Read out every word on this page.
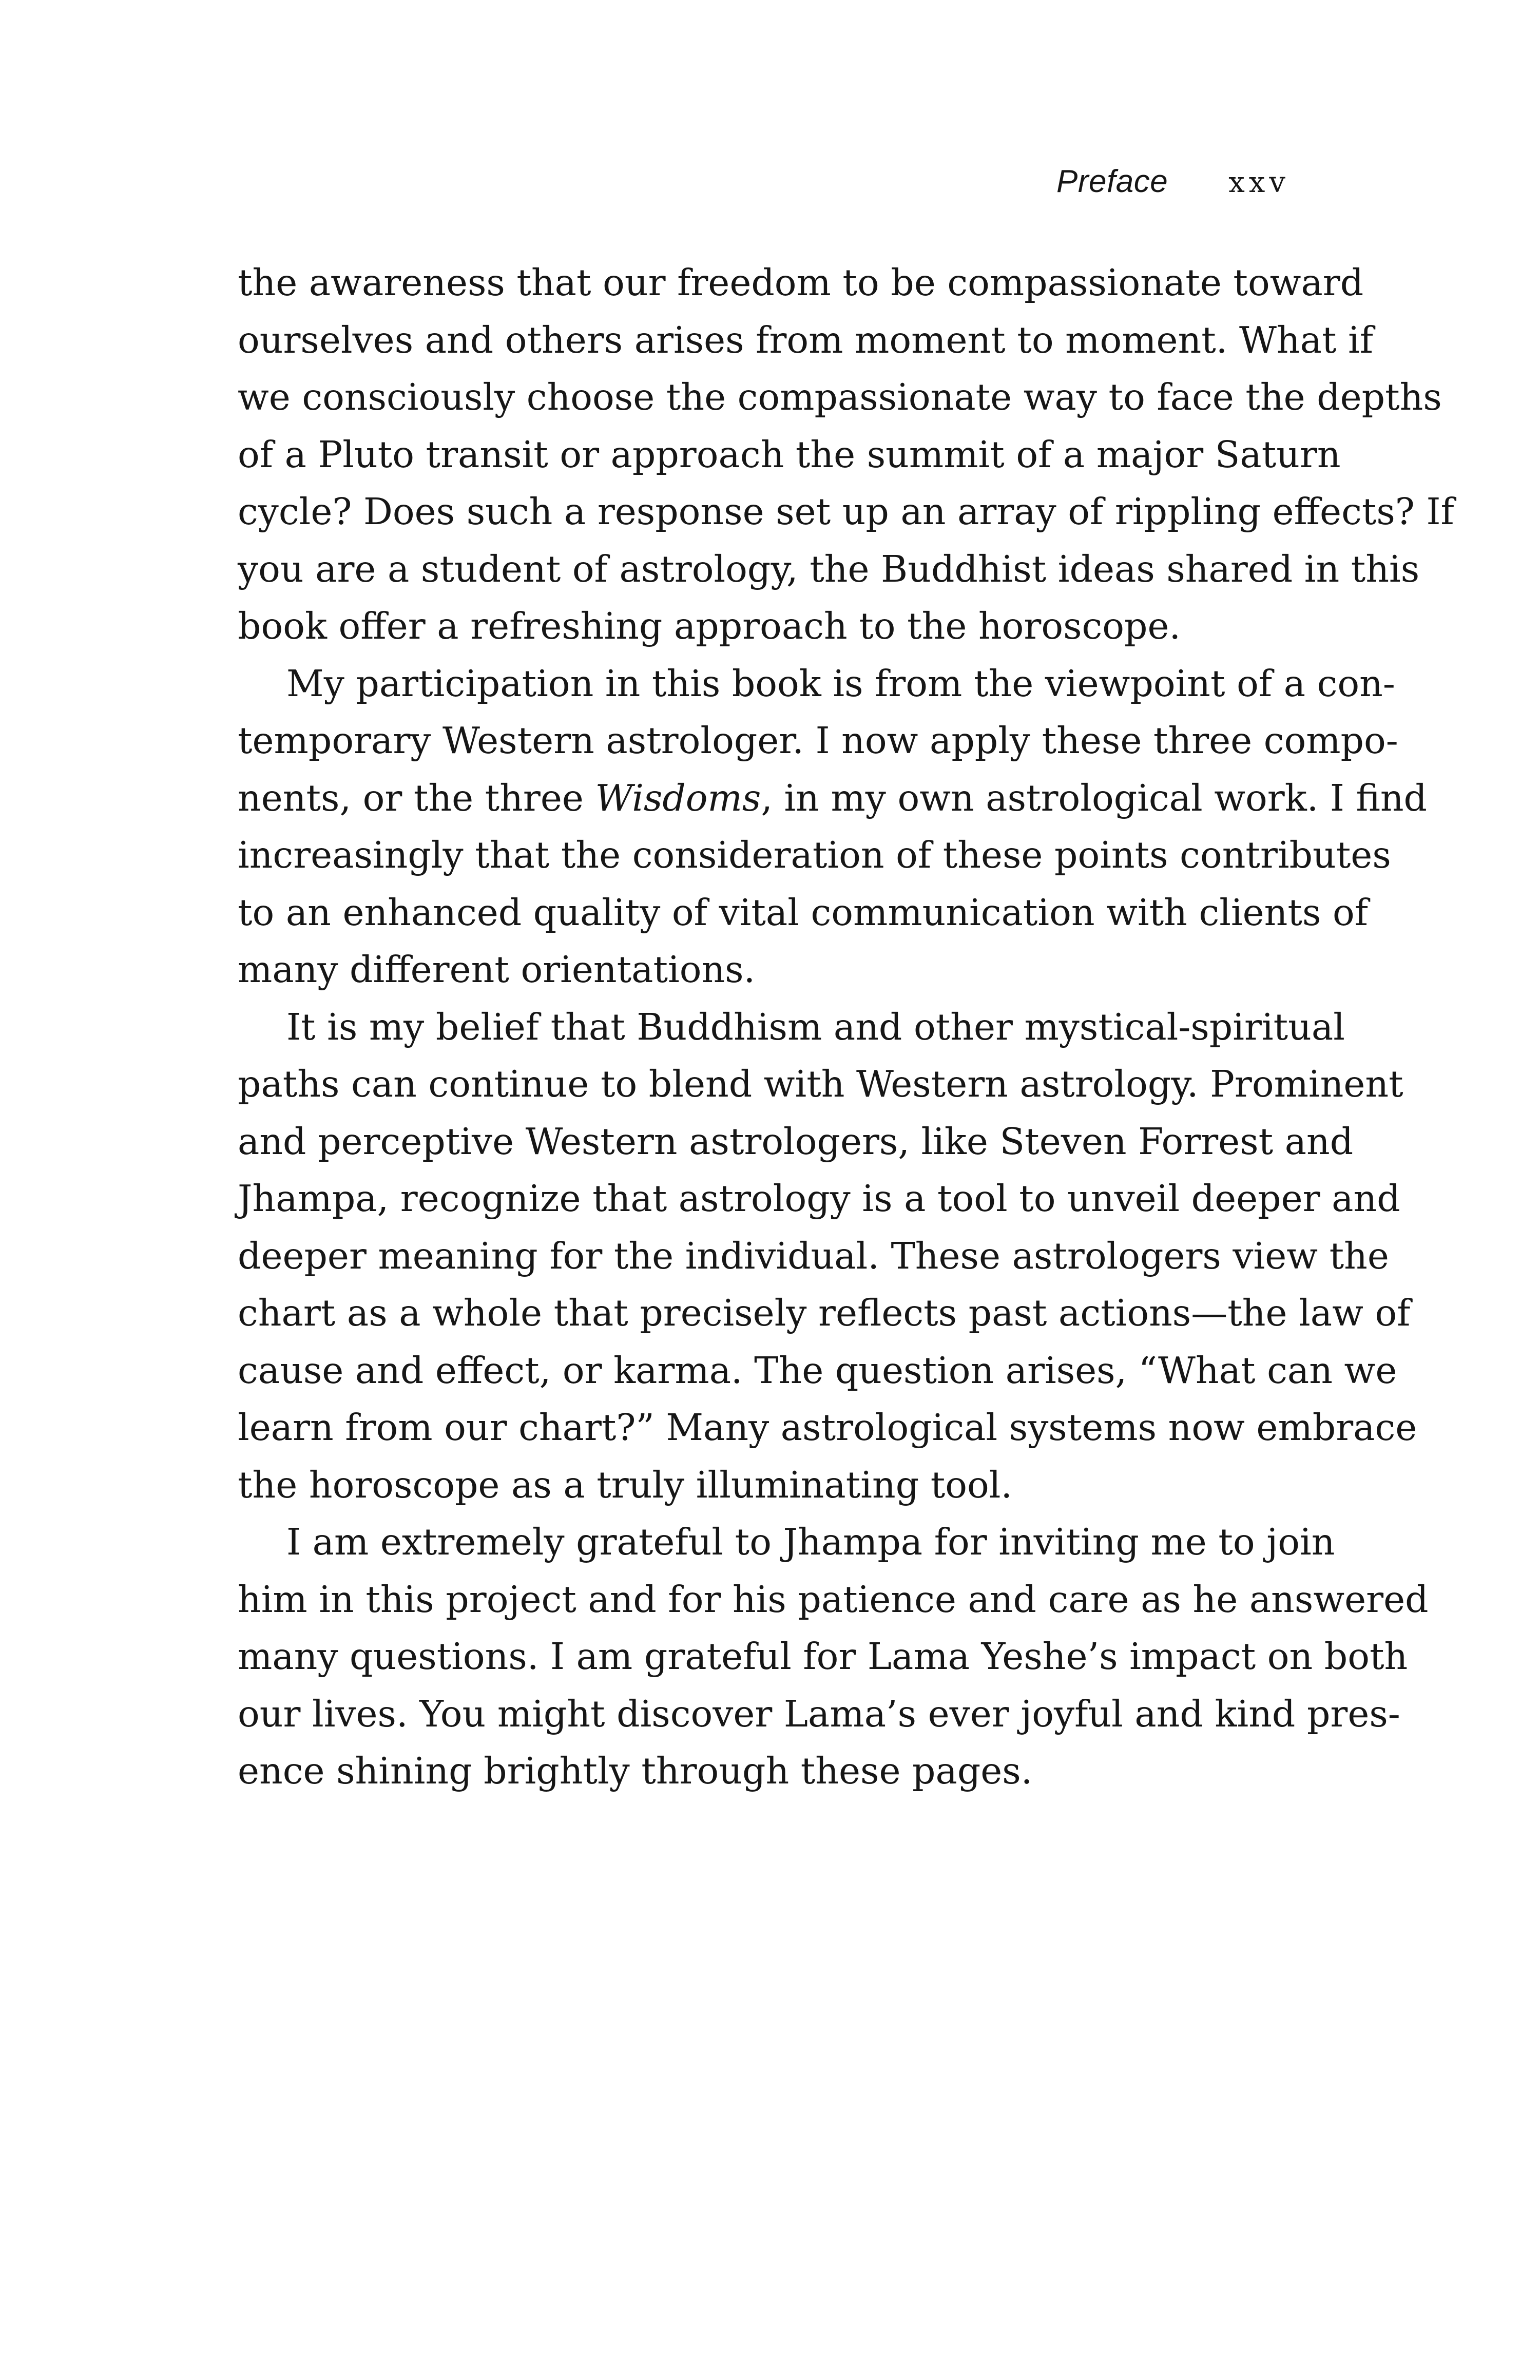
Preface xxv

the awareness that our freedom to be compassionate toward
ourselves and others arises from moment to moment. What if
we consciously choose the compassionate way to face the depths
of a Pluto transit or approach the summit of a major Saturn
cycle? Does such a response set up an array of rippling effects? If
you are a student of astrology, the Buddhist ideas shared in this
book offer a refreshing approach to the horoscope.

My participation in this book is from the viewpoint of a con-
temporary Western astrologer. I now apply these three compo-
nents, or the three Wisdoms, in my own astrological work. I find
increasingly that the consideration of these points contributes
to an enhanced quality of vital communication with clients of
many different orientations.

It is my belief that Buddhism and other mystical-spiritual
paths can continue to blend with Western astrology. Prominent
and perceptive Western astrologers, like Steven Forrest and
Jhampa, recognize that astrology is a tool to unveil deeper and
deeper meaning for the individual. These astrologers view the
chart as a whole that precisely reflects past actions—the law of
cause and effect, or karma. The question arises, “What can we
learn from our chart?” Many astrological systems now embrace
the horoscope as a truly illuminating tool.

I am extremely grateful to Jhampa for inviting me to join
him in this project and for his patience and care as he answered
many questions. I am grateful for Lama Yeshe’s impact on both
our lives. You might discover Lama’s ever joyful and kind pres-
ence shining brightly through these pages.
